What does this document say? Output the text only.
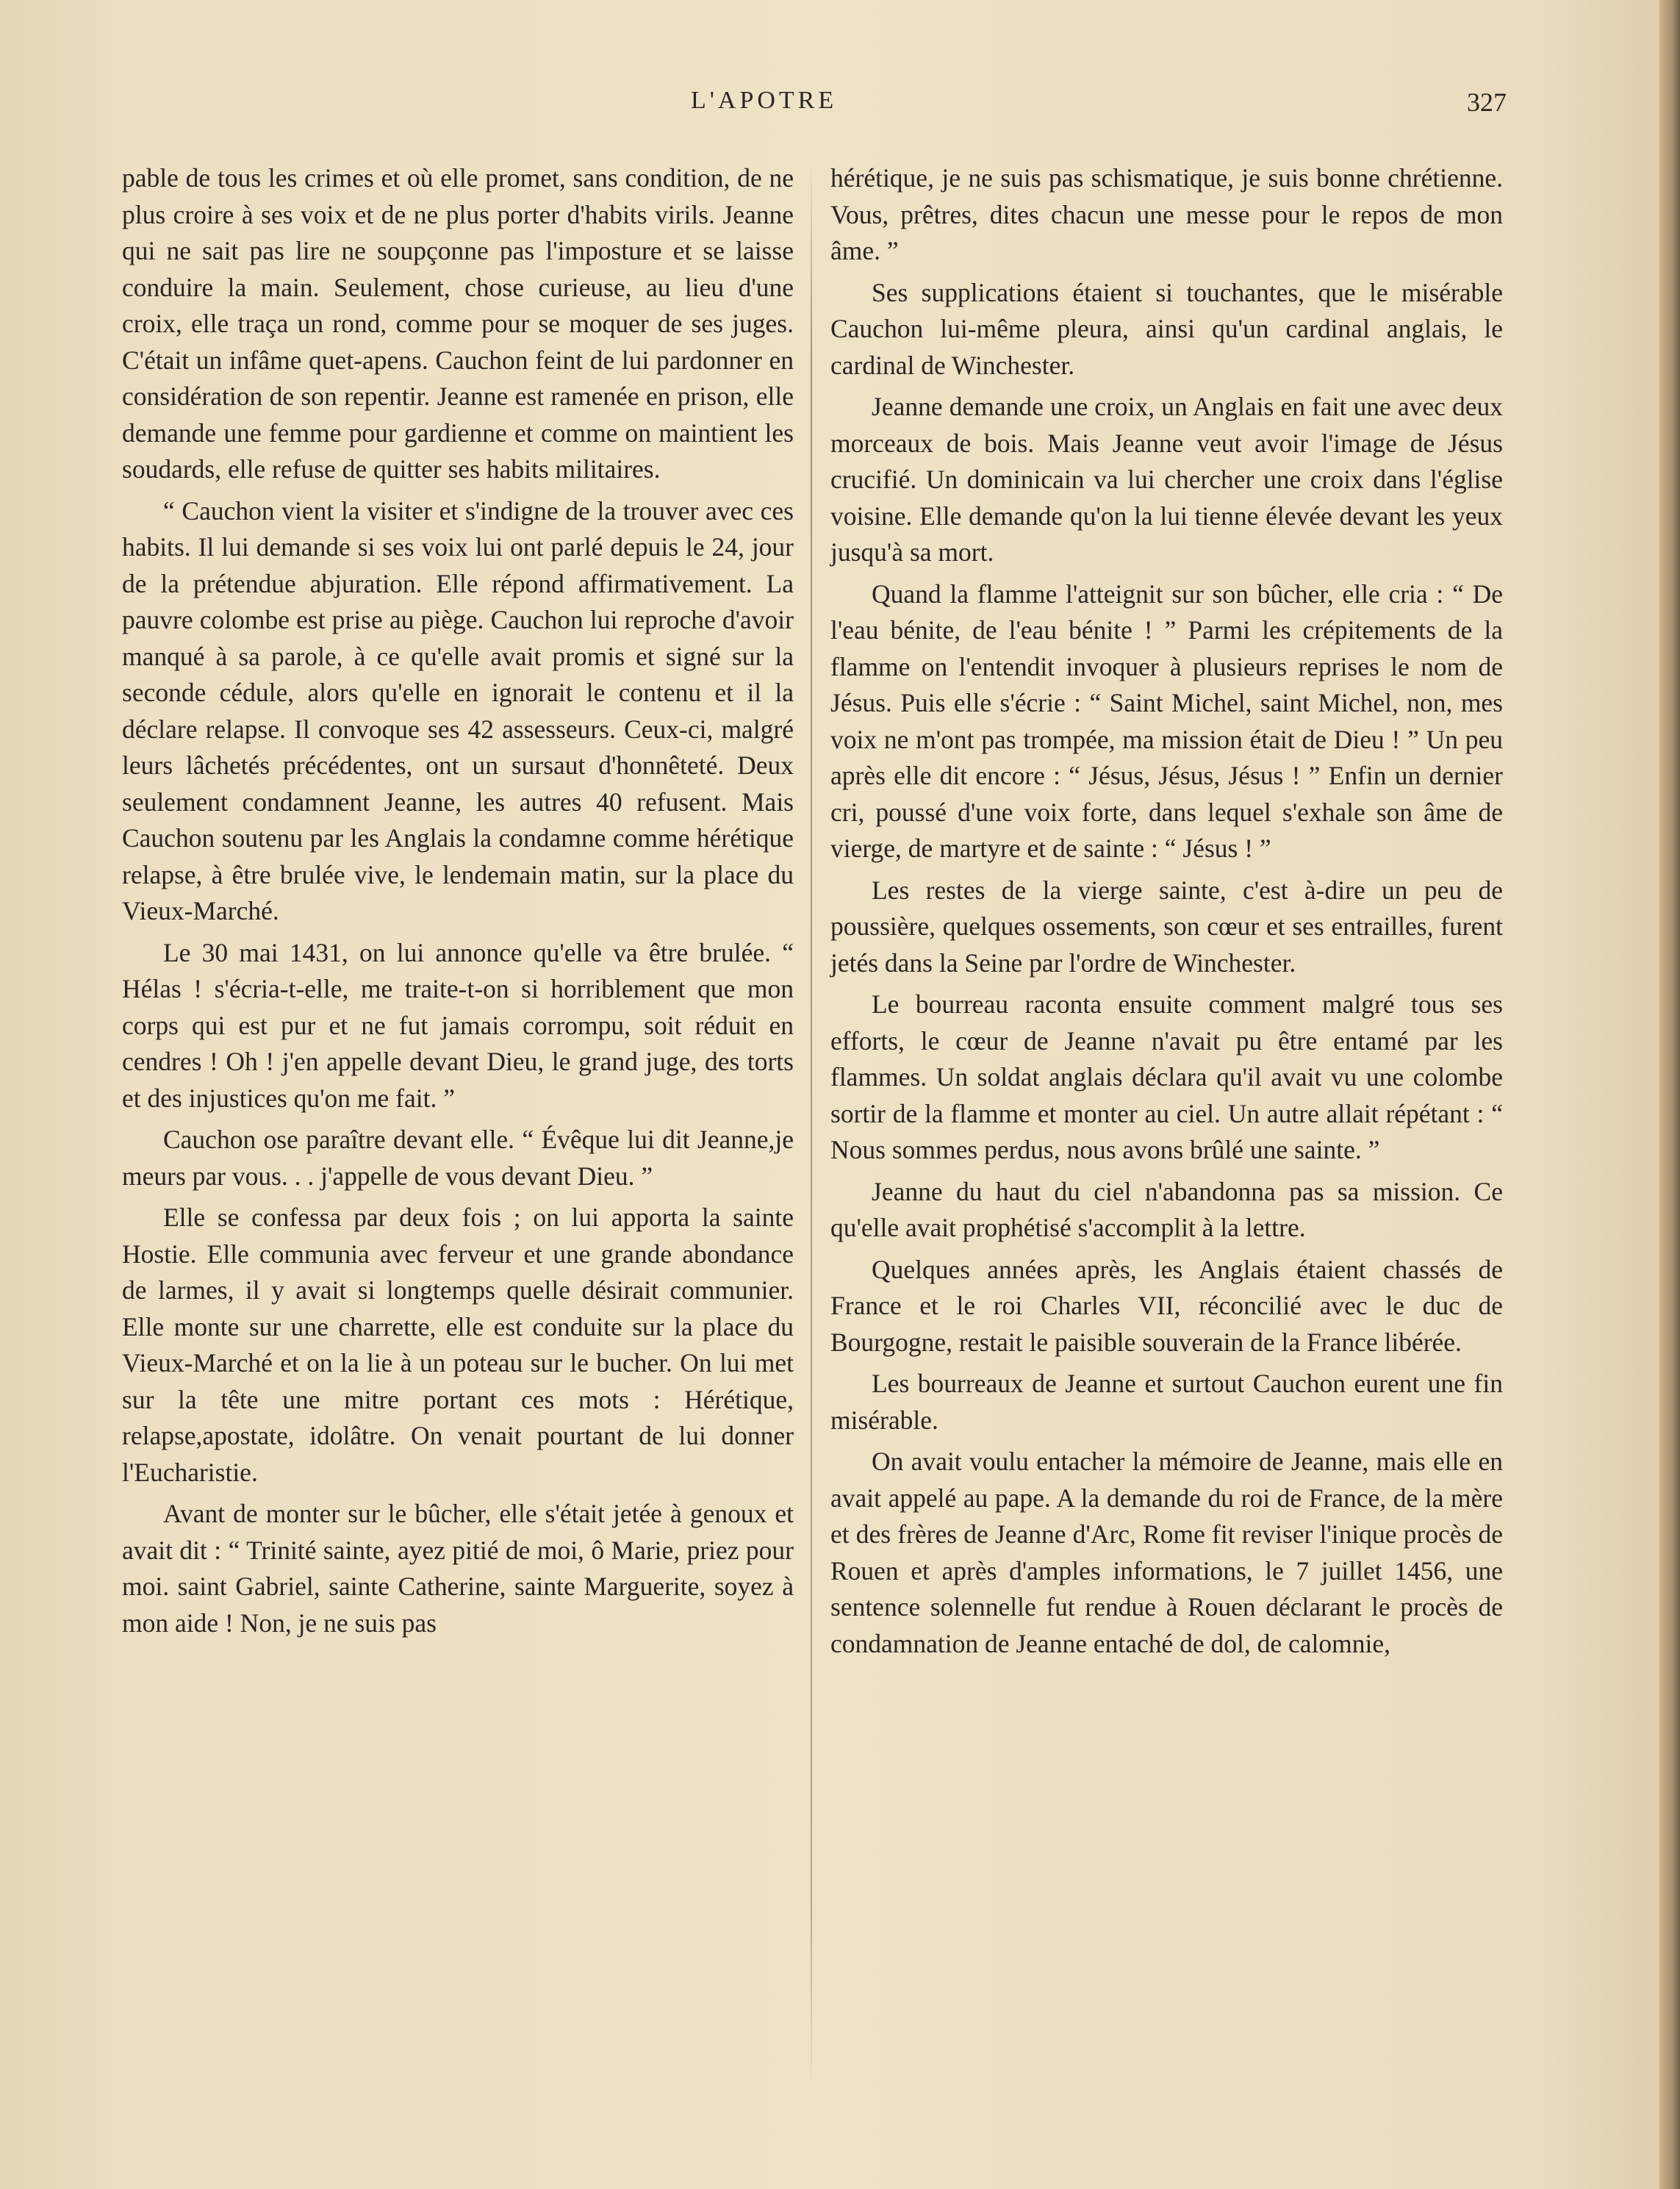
L'APOTRE	327

pable de tous les crimes et où elle promet, sans condition, de ne plus croire à ses voix et de ne plus porter d'habits virils. Jeanne qui ne sait pas lire ne soupçonne pas l'imposture et se laisse conduire la main. Seulement, chose curieuse, au lieu d'une croix, elle traça un rond, comme pour se moquer de ses juges. C'était un infâme quet-apens. Cauchon feint de lui pardonner en considération de son repentir. Jeanne est ramenée en prison, elle demande une femme pour gardienne et comme on maintient les soudards, elle refuse de quitter ses habits militaires.

“ Cauchon vient la visiter et s'indigne de la trouver avec ces habits. Il lui demande si ses voix lui ont parlé depuis le 24, jour de la prétendue abjuration. Elle répond affirmativement. La pauvre colombe est prise au piège. Cauchon lui reproche d'avoir manqué à sa parole, à ce qu'elle avait promis et signé sur la seconde cédule, alors qu'elle en ignorait le contenu et il la déclare relapse. Il convoque ses 42 assesseurs. Ceux-ci, malgré leurs lâchetés précédentes, ont un sursaut d'honnêteté. Deux seulement condamnent Jeanne, les autres 40 refusent. Mais Cauchon soutenu par les Anglais la condamne comme hérétique relapse, à être brulée vive, le lendemain matin, sur la place du Vieux-Marché.

Le 30 mai 1431, on lui annonce qu'elle va être brulée. “ Hélas ! s'écria-t-elle, me traite-t-on si horriblement que mon corps qui est pur et ne fut jamais corrompu, soit réduit en cendres ! Oh ! j'en appelle devant Dieu, le grand juge, des torts et des injustices qu'on me fait. ”

Cauchon ose paraître devant elle. “ Évêque lui dit Jeanne,je meurs par vous. . . j'appelle de vous devant Dieu. ”

Elle se confessa par deux fois ; on lui apporta la sainte Hostie. Elle communia avec ferveur et une grande abondance de larmes, il y avait si longtemps quelle désirait communier. Elle monte sur une charrette, elle est conduite sur la place du Vieux-Marché et on la lie à un poteau sur le bucher. On lui met sur la tête une mitre portant ces mots : Hérétique, relapse,apostate, idolâtre. On venait pourtant de lui donner l'Eucharistie.

Avant de monter sur le bûcher, elle s'était jetée à genoux et avait dit : “ Trinité sainte, ayez pitié de moi, ô Marie, priez pour moi. saint Gabriel, sainte Catherine, sainte Marguerite, soyez à mon aide ! Non, je ne suis pas

hérétique, je ne suis pas schismatique, je suis bonne chrétienne. Vous, prêtres, dites chacun une messe pour le repos de mon âme. ”

Ses supplications étaient si touchantes, que le misérable Cauchon lui-même pleura, ainsi qu'un cardinal anglais, le cardinal de Winchester.

Jeanne demande une croix, un Anglais en fait une avec deux morceaux de bois. Mais Jeanne veut avoir l'image de Jésus crucifié. Un dominicain va lui chercher une croix dans l'église voisine. Elle demande qu'on la lui tienne élevée devant les yeux jusqu'à sa mort.

Quand la flamme l'atteignit sur son bûcher, elle cria : “ De l'eau bénite, de l'eau bénite ! ” Parmi les crépitements de la flamme on l'entendit invoquer à plusieurs reprises le nom de Jésus. Puis elle s'écrie : “ Saint Michel, saint Michel, non, mes voix ne m'ont pas trompée, ma mission était de Dieu ! ” Un peu après elle dit encore : “ Jésus, Jésus, Jésus ! ” Enfin un dernier cri, poussé d'une voix forte, dans lequel s'exhale son âme de vierge, de martyre et de sainte : “ Jésus ! ”

Les restes de la vierge sainte, c'est à-dire un peu de poussière, quelques ossements, son cœur et ses entrailles, furent jetés dans la Seine par l'ordre de Winchester.

Le bourreau raconta ensuite comment malgré tous ses efforts, le cœur de Jeanne n'avait pu être entamé par les flammes. Un soldat anglais déclara qu'il avait vu une colombe sortir de la flamme et monter au ciel. Un autre allait répétant : “ Nous sommes perdus, nous avons brûlé une sainte. ”

Jeanne du haut du ciel n'abandonna pas sa mission. Ce qu'elle avait prophétisé s'accomplit à la lettre.

Quelques années après, les Anglais étaient chassés de France et le roi Charles VII, réconcilié avec le duc de Bourgogne, restait le paisible souverain de la France libérée.

Les bourreaux de Jeanne et surtout Cauchon eurent une fin misérable.

On avait voulu entacher la mémoire de Jeanne, mais elle en avait appelé au pape. A la demande du roi de France, de la mère et des frères de Jeanne d'Arc, Rome fit reviser l'inique procès de Rouen et après d'amples informations, le 7 juillet 1456, une sentence solennelle fut rendue à Rouen déclarant le procès de condamnation de Jeanne entaché de dol, de calomnie,
